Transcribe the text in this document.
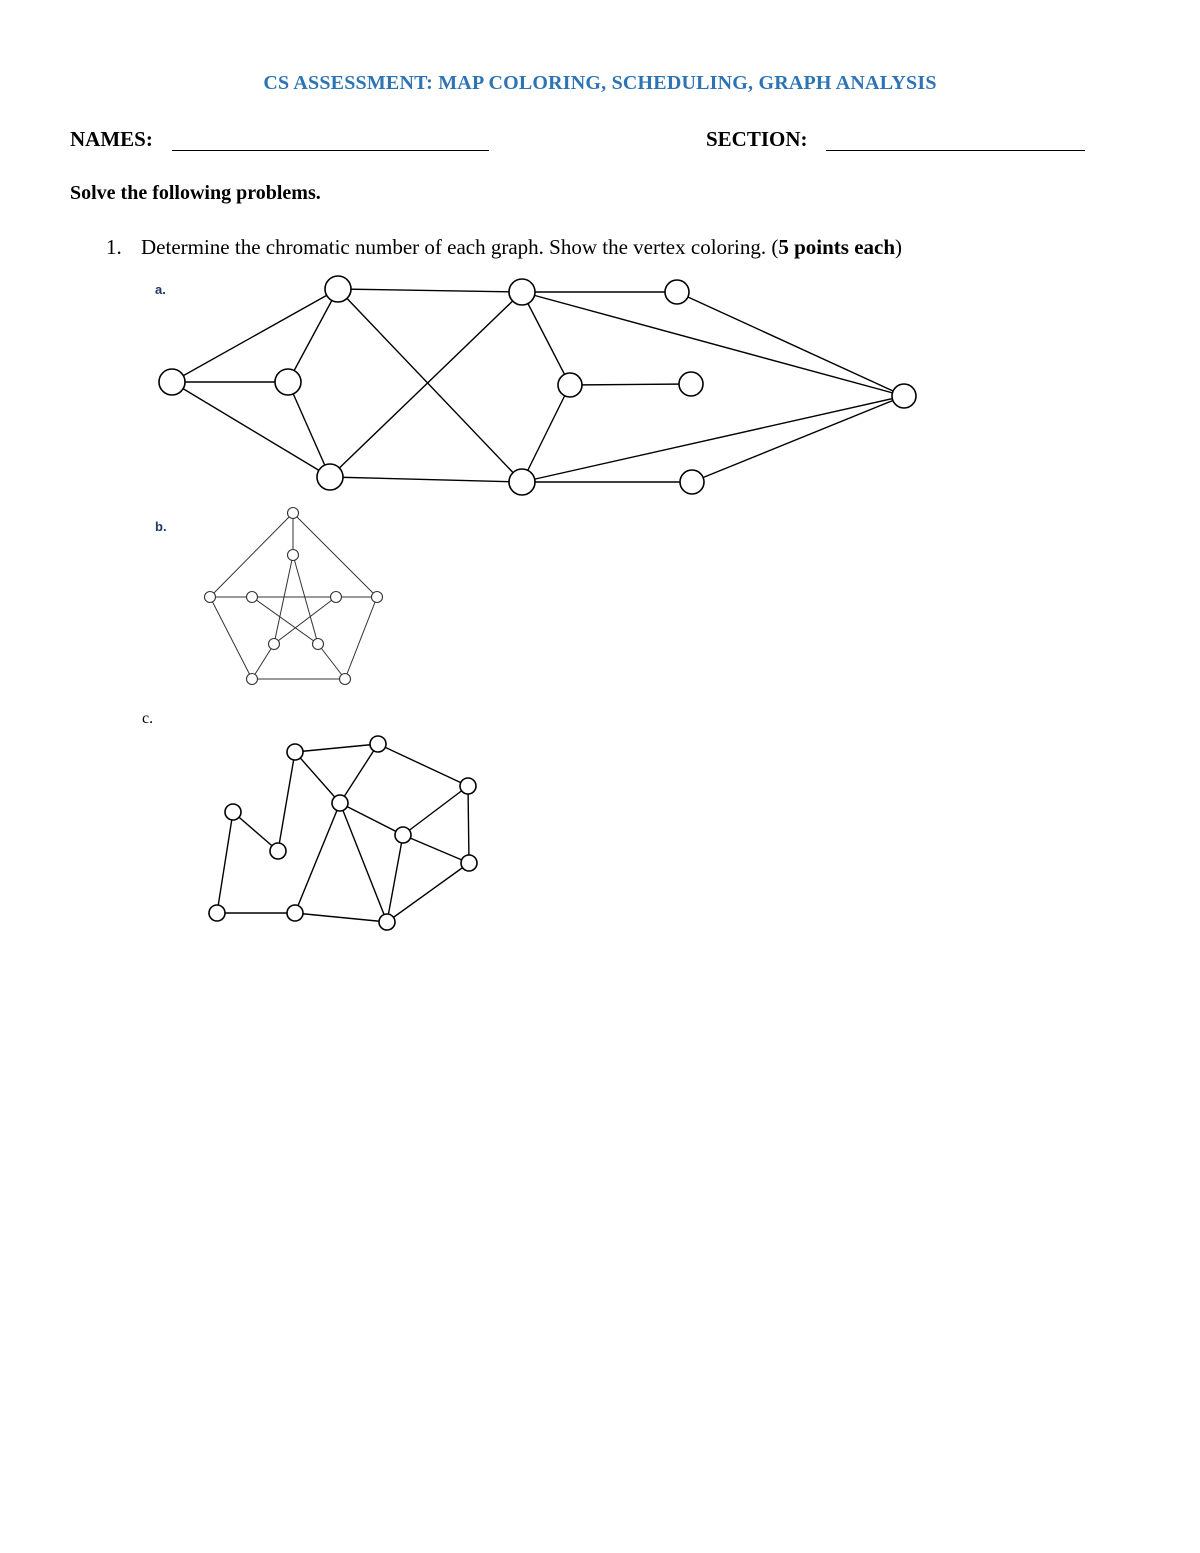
CS ASSESSMENT: MAP COLORING, SCHEDULING, GRAPH ANALYSIS
NAMES:	SECTION:
Solve the following problems.
1. Determine the chromatic number of each graph. Show the vertex coloring. (5 points each)
a.
b.
c.
